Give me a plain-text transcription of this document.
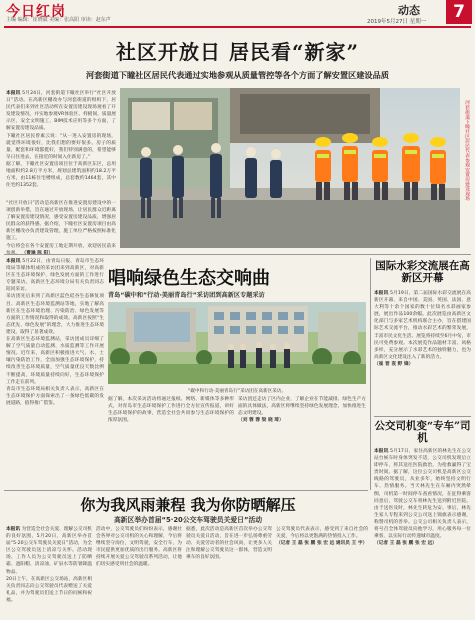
今日红岗
主编 编辑：崔晓斌 美编：张高阳 审读：赵东声
动态	7
2019年5月27日 星期一
社区开放日 居民看“新家”
河套街道下瞳社区居民代表通过实地参观从质量管控等各个方面了解安置区建设品质

本报讯 5月24日，河套街道下瞳社区举行“社区开放日”活动。在高新区棚改办与河套街道的组织下，居民代表们来到社区活动所在安置房建设现场观看了开发建设情况，并实地参观VR体验区、样板间、质量展示区、安全文明施工、BIM技术应用等多个方面，了解安置房建设品质。

下瞳社区居民曾素云说：“从一进入安置房的现场，就觉得环境很好，比我们想的要好很多。房子的质量、配套和环境都挺好，我们特别满意的，希望能够早日住进去，在接近的时间入住新房了。”

据了解，下瞳社区安置房项目位于高新区东区，总用地面积约2.8万平方米，规划总建筑面积约18.2万平方米，由11栋住宅楼组成，总套数约1464套，其中住宅约1352套。

“社区开放日”活动是高新区在推进安置房建设中的一项创新举措，旨在通过开放现场，让居民群众近距离了解安置房建设情况，感受安置房建设品质，增强居民群众的获得感。据介绍，下瞳社区安置房项目由高新区棚改办负责建设管理，施工单位严格按照标准化施工。

今后将会在各个安置房工地定期开放，欢迎居民前来

河套街道下瞳社区居民代表参观安置房建设现场

本报讯 5月22日，由青岛日报、青岛市生态环境局等媒体组成的采访团来到高新区，对高新区在生态环境保护、绿色发展方面的工作进行专题采访。高新区生态环境分局有关负责同志陪同采访。

采访团先后来到了高新区蓝色硅谷生态修复项目、高新区生态环境监测站等地，实地了解高新区在生态环境治理、污染防治、绿色发展等方面的工作情况和取得的成效。高新区按照“生态优先、绿色发展”的理念，大力推进生态环境建设，取得了显著成效。

在高新区生态环境监测站，采访团成员详细了解了空气质量自动监测、水质监测等工作开展情况。近年来，高新区积极推进大气、水、土壤污染防治工作，全面加强生态环境保护，持续改善生态环境质量，空气质量优良天数比例不断提高，环境质量持续向好，生态环境保护工作走在前列。

青岛市生态环境局相关负责人表示，高新区在生态环境保护方面探索出了一条绿色低碳的发展道路，值得推广借鉴。

唱响绿色生态交响曲
青岛“碳中和”行动·美丽青岛行”采访团到高新区专题采访
“碳中和行动·美丽青岛行”采访团在高新区采访。

据了解，本次采访活动将通过报纸、网络、新媒体等多种形式，对青岛市生态环境保护工作进行全方位宣传报道，讲好生态环境保护的故事，营造全社会共同参与生态环境保护的浓厚氛围。

采访团还走访了区内企业，了解企业在节能减排、绿色生产方面的具体做法，高新区将继续坚持绿色发展理念，加快推进生态文明建设。

（刘 蓉 蓉 梁 晓 琦）

国际水彩交流展在高新区开幕

本报讯 5月19日，第二届国际水彩交流展在高新区开幕，来自中国、美国、英国、法国、意大利等十余个国家的数十位知名水彩画家参展，展出作品100余幅。此次展览由高新区文化部门与多家艺术机构联合主办，旨在搭建国际艺术交流平台，推动水彩艺术的繁荣发展，丰富市民文化生活。展览将持续至6月中旬，市民可免费参观。本次展览作品题材丰富、风格多样，充分展示了水彩艺术的独特魅力，也为高新区文化建设注入了新的活力。

（崔 晋 袁 野 锋）

公交司机变“专车”司机

本报讯 5月17日，家住高新区的林先生在公交站台候车时身体突发不适，公交司机发现后立即停车，将其送往医院救治，为抢救赢得了宝贵时间。据了解，这位公交司机是高新区公交线路的驾驶员，从业多年，始终坚持文明行车、热情服务。当天林先生在车厢内突然晕倒，司机第一时间停车查看情况，在征得乘客同意后，驾驶公交车将林先生送到附近医院。由于送医及时，林先生转危为安。事后，林先生家人专程来到公交公司送上锦旗表示感谢，称赞司机的善举。公交公司相关负责人表示，将号召全体驾驶员向他学习，用心服务每一位乘客，以实际行动传递城市温度。

（记者 王 磊 张 鹏 张 宏 远）

你为我风雨兼程 我为你防晒解压
高新区举办首届“5·20公交车驾驶员关爱日”活动

本报讯 为营造全社会关爱、理解公交司机的良好氛围，5月20日，高新区举办首届“5·20公交车驾驶员关爱日”活动，为全区公交驾驶员送上清凉与关怀。活动现场，工作人员为公交驾驶员送上了防晒霜、遮阳帽、清凉油、矿泉水等防暑降温物品。

20日上午，在高新区公交场站，高新区相关负责同志向公交驾驶员代表赠送了关爱礼品，并为驾驶员们送上节日的问候和祝福。

活动中，公交驾驶员们纷纷表示，感谢社会各界对公交司机的关心和理解，今后将继续坚守岗位，文明驾驶，安全行车，为市民提供更加优质的出行服务。高新区将持续开展关爱公交驾驶员系列活动，让他们切实感受到社会的温暖。

据悉，此次活动是高新区首次举办公交驾驶员关爱日活动，旨在进一步弘扬尊重劳动、关爱劳动者的社会风尚，让更多人关注和理解公交驾驶员这一群体，营造文明乘车的良好氛围。

公交驾驶员代表表示，感受到了来自社会的关爱，今后将以更饱满的热情投入工作。

（记者 王 磊 张 鹏 张 宏 远 通讯员 王 宇）
